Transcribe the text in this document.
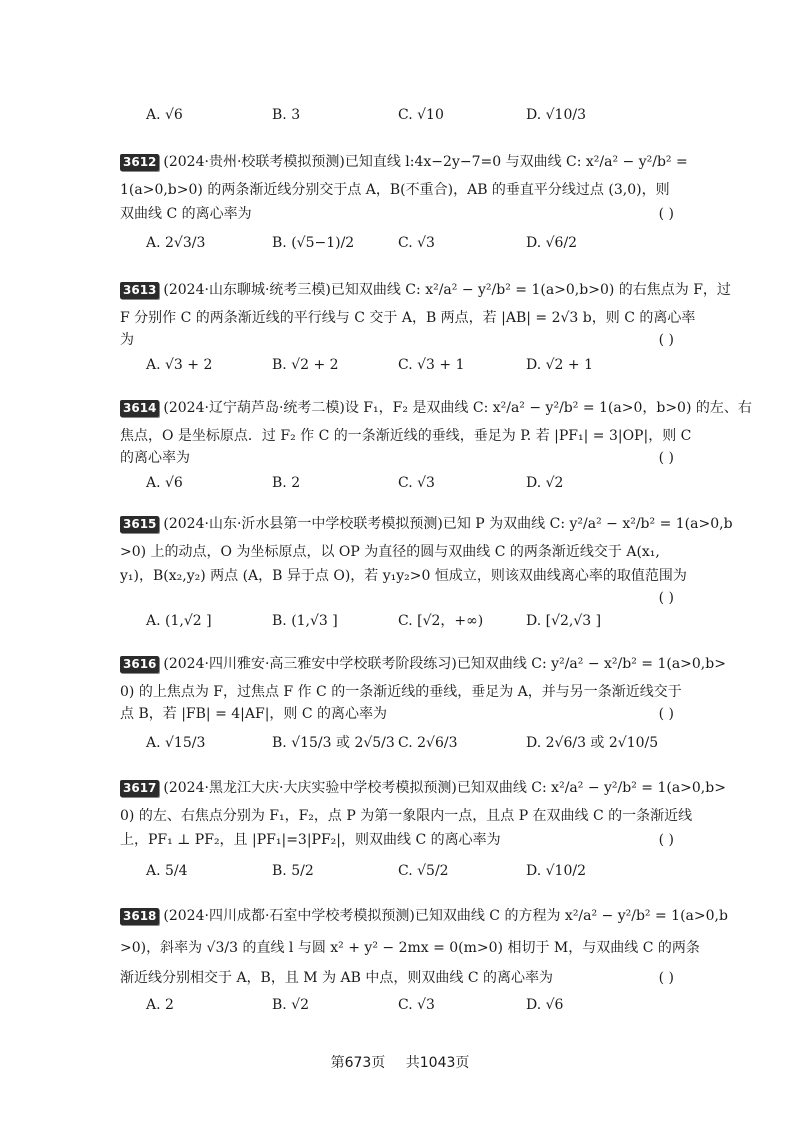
A. √6	B. 3	C. √10	D. √10/3
3612 (2024·贵州·校联考模拟预测)已知直线 l:4x−2y−7=0 与双曲线 C: x²/a² − y²/b² =
1(a>0,b>0) 的两条渐近线分别交于点 A，B(不重合)，AB 的垂直平分线过点 (3,0)，则
双曲线 C 的离心率为	( )
A. 2√3/3	B. (√5−1)/2	C. √3	D. √6/2
3613 (2024·山东聊城·统考三模)已知双曲线 C: x²/a² − y²/b² = 1(a>0,b>0) 的右焦点为 F，过
F 分别作 C 的两条渐近线的平行线与 C 交于 A，B 两点，若 |AB| = 2√3 b，则 C 的离心率
为	( )
A. √3 + 2	B. √2 + 2	C. √3 + 1	D. √2 + 1
3614 (2024·辽宁葫芦岛·统考二模)设 F₁，F₂ 是双曲线 C: x²/a² − y²/b² = 1(a>0，b>0) 的左、右
焦点，O 是坐标原点．过 F₂ 作 C 的一条渐近线的垂线，垂足为 P. 若 |PF₁| = 3|OP|，则 C
的离心率为	( )
A. √6	B. 2	C. √3	D. √2
3615 (2024·山东·沂水县第一中学校联考模拟预测)已知 P 为双曲线 C: y²/a² − x²/b² = 1(a>0,b
>0) 上的动点，O 为坐标原点，以 OP 为直径的圆与双曲线 C 的两条渐近线交于 A(x₁,
y₁)，B(x₂,y₂) 两点 (A，B 异于点 O)，若 y₁y₂>0 恒成立，则该双曲线离心率的取值范围为
( )
A. (1,√2 ]	B. (1,√3 ]	C. [√2，+∞)	D. [√2,√3 ]
3616 (2024·四川雅安·高三雅安中学校联考阶段练习)已知双曲线 C: y²/a² − x²/b² = 1(a>0,b>
0) 的上焦点为 F，过焦点 F 作 C 的一条渐近线的垂线，垂足为 A，并与另一条渐近线交于
点 B，若 |FB| = 4|AF|，则 C 的离心率为	( )
A. √15/3	B. √15/3 或 2√5/3 C. 2√6/3	D. 2√6/3 或 2√10/5
3617 (2024·黑龙江大庆·大庆实验中学校考模拟预测)已知双曲线 C: x²/a² − y²/b² = 1(a>0,b>
0) 的左、右焦点分别为 F₁，F₂，点 P 为第一象限内一点，且点 P 在双曲线 C 的一条渐近线
上，PF₁ ⊥ PF₂，且 |PF₁|=3|PF₂|，则双曲线 C 的离心率为	( )
A. 5/4	B. 5/2	C. √5/2	D. √10/2
3618 (2024·四川成都·石室中学校考模拟预测)已知双曲线 C 的方程为 x²/a² − y²/b² = 1(a>0,b
>0)，斜率为 √3/3 的直线 l 与圆 x² + y² − 2mx = 0(m>0) 相切于 M，与双曲线 C 的两条
渐近线分别相交于 A，B，且 M 为 AB 中点，则双曲线 C 的离心率为	( )
A. 2	B. √2	C. √3	D. √6
第673页 共1043页
